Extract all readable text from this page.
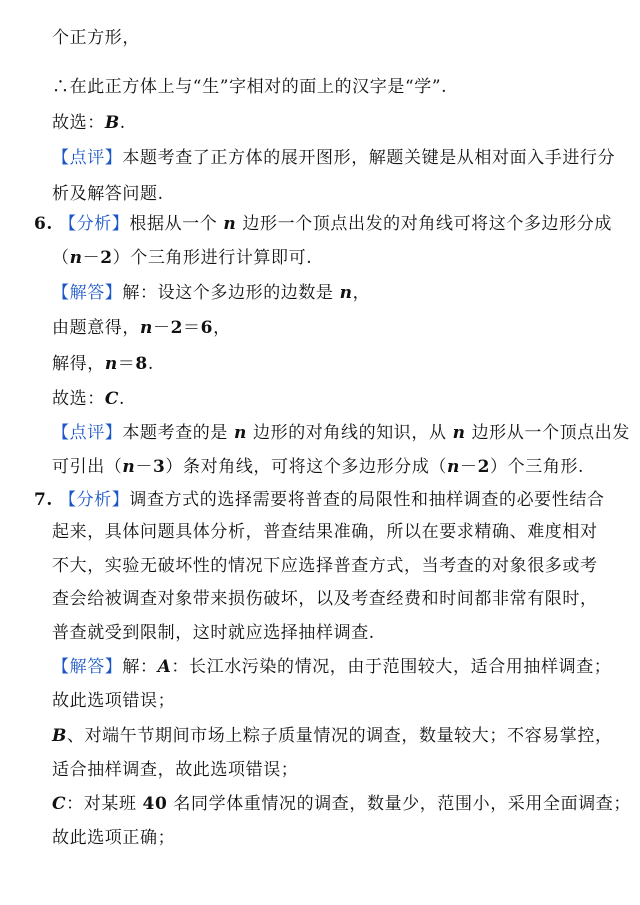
个正方形，
∴在此正方体上与“生”字相对的面上的汉字是“学”.
故选：B.
【点评】本题考查了正方体的展开图形，解题关键是从相对面入手进行分
析及解答问题.
6. 【分析】根据从一个 n 边形一个顶点出发的对角线可将这个多边形分成
（n－2）个三角形进行计算即可.
【解答】解：设这个多边形的边数是 n，
由题意得，n－2＝6，
解得，n＝8.
故选：C.
【点评】本题考查的是 n 边形的对角线的知识，从 n 边形从一个顶点出发
可引出（n－3）条对角线，可将这个多边形分成（n－2）个三角形.
7. 【分析】调查方式的选择需要将普查的局限性和抽样调查的必要性结合
起来，具体问题具体分析，普查结果准确，所以在要求精确、难度相对
不大，实验无破坏性的情况下应选择普查方式，当考查的对象很多或考
查会给被调查对象带来损伤破坏，以及考查经费和时间都非常有限时，
普查就受到限制，这时就应选择抽样调查.
【解答】解：A：长江水污染的情况，由于范围较大，适合用抽样调查；
故此选项错误；
B、对端午节期间市场上粽子质量情况的调查，数量较大；不容易掌控，
适合抽样调查，故此选项错误；
C：对某班 40 名同学体重情况的调查，数量少，范围小，采用全面调查；
故此选项正确；
